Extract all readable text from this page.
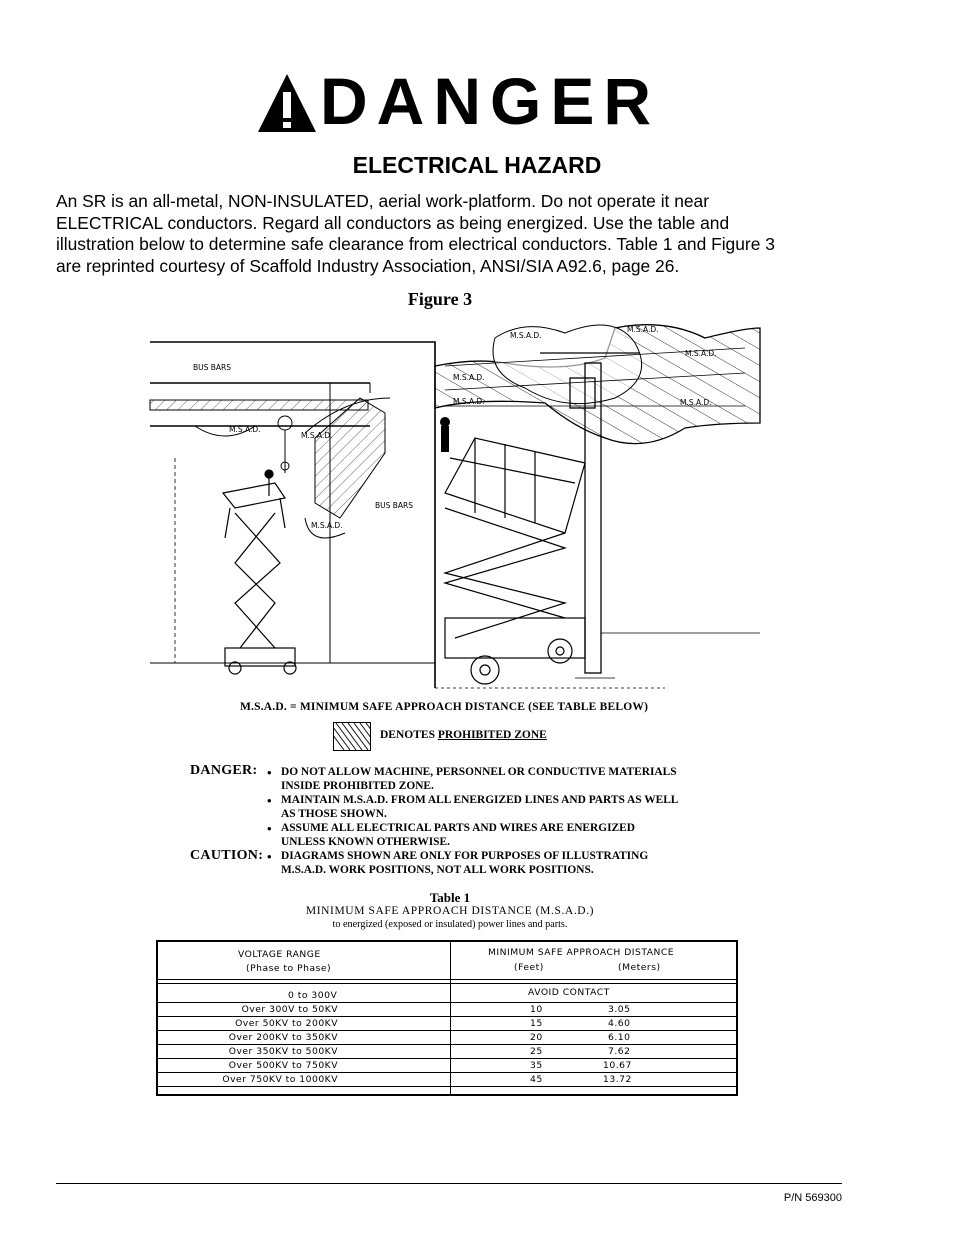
DANGER
ELECTRICAL HAZARD
An SR is an all-metal, NON-INSULATED, aerial work-platform. Do not operate it near
ELECTRICAL conductors. Regard all conductors as being energized. Use the table and
illustration below to determine safe clearance from electrical conductors. Table 1 and Figure 3
are reprinted courtesy of Scaffold Industry Association, ANSI/SIA A92.6, page 26.
Figure 3
BUS BARS
BUS BARS
M.S.A.D.
M.S.A.D.
M.S.A.D.
M.S.A.D.
M.S.A.D.
M.S.A.D.
M.S.A.D.
M.S.A.D.	M.S.A.D.
M.S.A.D. = MINIMUM SAFE APPROACH DISTANCE (SEE TABLE BELOW)
DENOTES PROHIBITED ZONE
DANGER:
CAUTION:
• DO NOT ALLOW MACHINE, PERSONNEL OR CONDUCTIVE MATERIALS
INSIDE PROHIBITED ZONE.
• MAINTAIN M.S.A.D. FROM ALL ENERGIZED LINES AND PARTS AS WELL
AS THOSE SHOWN.
• ASSUME ALL ELECTRICAL PARTS AND WIRES ARE ENERGIZED
UNLESS KNOWN OTHERWISE.
• DIAGRAMS SHOWN ARE ONLY FOR PURPOSES OF ILLUSTRATING
M.S.A.D. WORK POSITIONS, NOT ALL WORK POSITIONS.
Table 1
MINIMUM SAFE APPROACH DISTANCE (M.S.A.D.)
to energized (exposed or insulated) power lines and parts.
VOLTAGE RANGE
(Phase to Phase)
MINIMUM SAFE APPROACH DISTANCE
(Feet)	(Meters)
0 to 300V	AVOID CONTACT
Over 300V to 50KV	10	3.05
Over 50KV to 200KV	15	4.60
Over 200KV to 350KV	20	6.10
Over 350KV to 500KV	25	7.62
Over 500KV to 750KV	35	10.67
Over 750KV to 1000KV	45	13.72
P/N 569300
